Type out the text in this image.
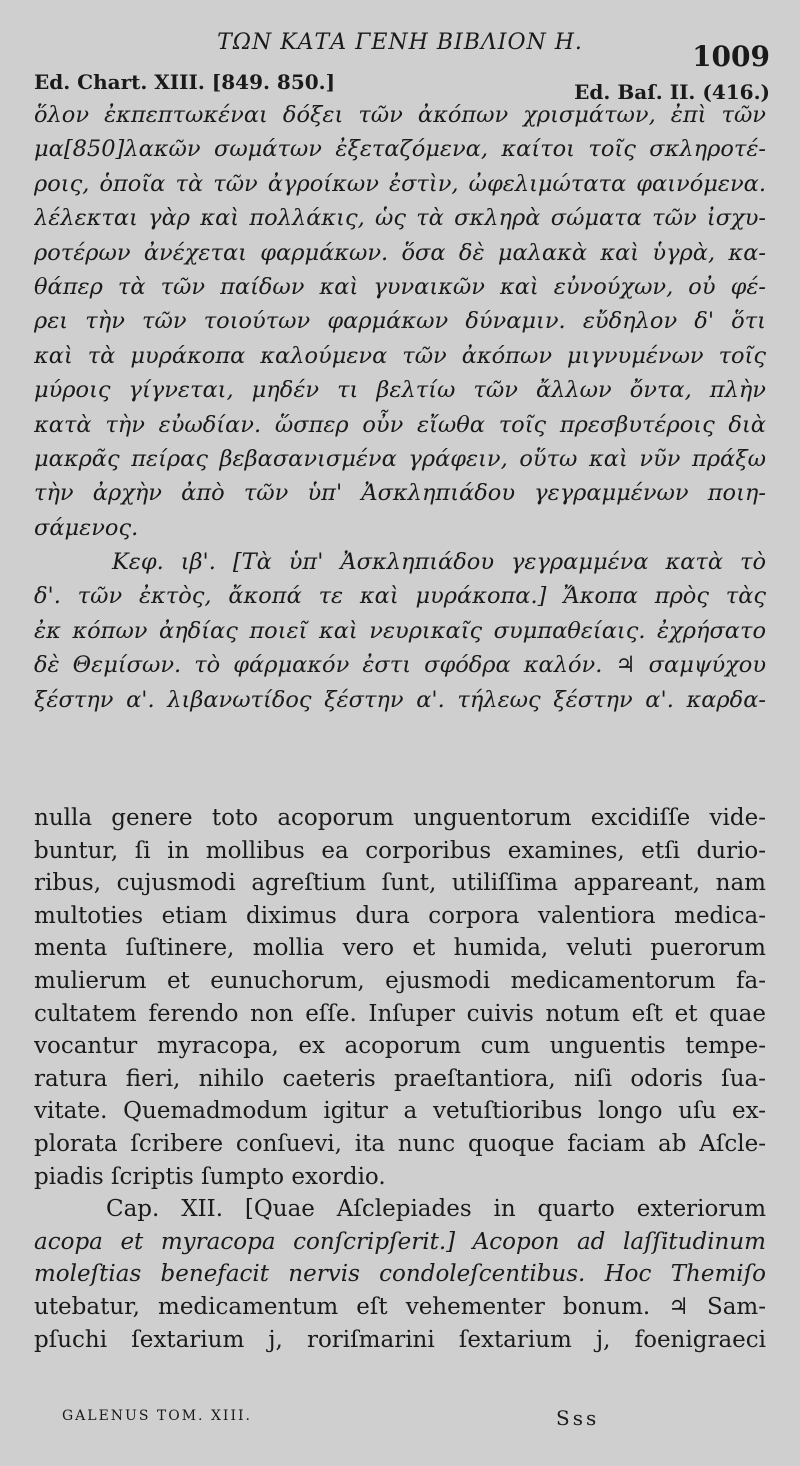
ΤΩΝ ΚΑΤΑ ΓΕΝΗ ΒΙΒΛΙΟΝ Η.	1009
Ed. Chart. XIII. [849. 850.]	Ed. Baſ. II. (416.)
ὅλον ἐκπεπτωκέναι δόξει τῶν ἀκόπων χρισμάτων, ἐπὶ τῶν
μα[850]λακῶν σωμάτων ἐξεταζόμενα, καίτοι τοῖς σκληροτέ-
ροις, ὁποῖα τὰ τῶν ἀγροίκων ἐστὶν, ὠφελιμώτατα φαινόμενα.
λέλεκται γὰρ καὶ πολλάκις, ὡς τὰ σκληρὰ σώματα τῶν ἰσχυ-
ροτέρων ἀνέχεται φαρμάκων. ὅσα δὲ μαλακὰ καὶ ὑγρὰ, κα-
θάπερ τὰ τῶν παίδων καὶ γυναικῶν καὶ εὐνούχων, οὐ φέ-
ρει τὴν τῶν τοιούτων φαρμάκων δύναμιν. εὔδηλον δ' ὅτι
καὶ τὰ μυράκοπα καλούμενα τῶν ἀκόπων μιγνυμένων τοῖς
μύροις γίγνεται, μηδέν τι βελτίω τῶν ἄλλων ὄντα, πλὴν
κατὰ τὴν εὐωδίαν. ὥσπερ οὖν εἴωθα τοῖς πρεσβυτέροις διὰ
μακρᾶς πείρας βεβασανισμένα γράφειν, οὕτω καὶ νῦν πράξω
τὴν ἀρχὴν ἀπὸ τῶν ὑπ' Ἀσκληπιάδου γεγραμμένων ποιη-
σάμενος.
Κεφ. ιβ'. [Τὰ ὑπ' Ἀσκληπιάδου γεγραμμένα κατὰ τὸ
δ'. τῶν ἐκτὸς, ἄκοπά τε καὶ μυράκοπα.] Ἄκοπα πρὸς τὰς
ἐκ κόπων ἀηδίας ποιεῖ καὶ νευρικαῖς συμπαθείαις. ἐχρήσατο
δὲ Θεμίσων. τὸ φάρμακόν ἐστι σφόδρα καλόν. ♃ σαμψύχου
ξέστην α'. λιβανωτίδος ξέστην α'. τήλεως ξέστην α'. καρδα-
nulla genere toto acoporum unguentorum excidiſſe vide-
buntur, ſi in mollibus ea corporibus examines, etſi durio-
ribus, cujusmodi agreſtium ſunt, utiliſſima appareant, nam
multoties etiam diximus dura corpora valentiora medica-
menta ſuſtinere, mollia vero et humida, veluti puerorum
mulierum et eunuchorum, ejusmodi medicamentorum fa-
cultatem ferendo non eſſe. Inſuper cuivis notum eſt et quae
vocantur myracopa, ex acoporum cum unguentis tempe-
ratura fieri, nihilo caeteris praeſtantiora, niſi odoris ſua-
vitate. Quemadmodum igitur a vetuſtioribus longo uſu ex-
plorata ſcribere conſuevi, ita nunc quoque faciam ab Aſcle-
piadis ſcriptis ſumpto exordio.
Cap. XII. [Quae Aſclepiades in quarto exteriorum
acopa et myracopa conſcripſerit.] Acopon ad laſſitudinum
moleſtias benefacit nervis condoleſcentibus. Hoc Themiſo
utebatur, medicamentum eſt vehementer bonum. ♃ Sam-
pſuchi ſextarium j, roriſmarini ſextarium j, foenigraeci
GALENUS TOM. XIII.	Sss
